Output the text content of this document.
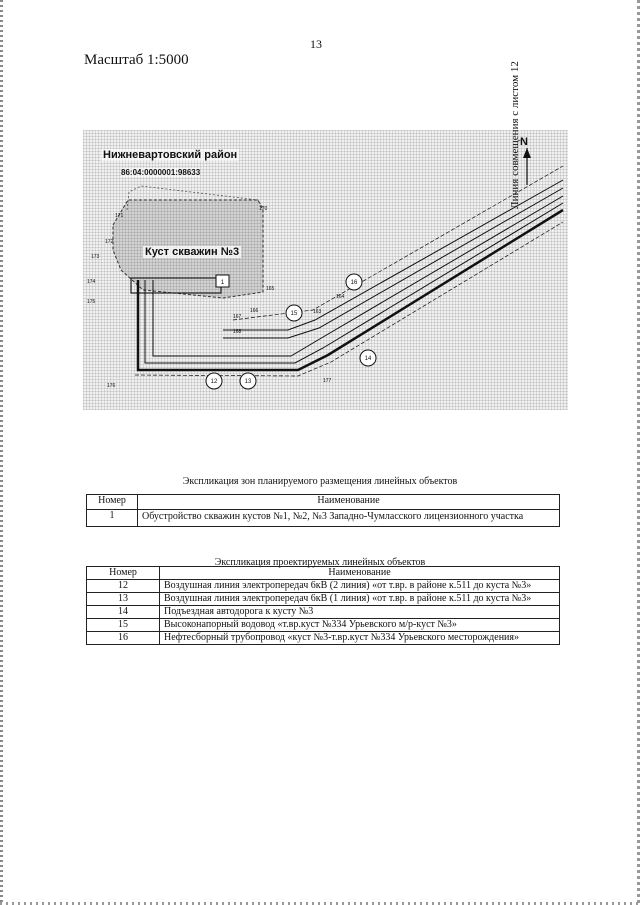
13
Масштаб 1:5000
170
171
172
173
174
175
176
177
163
164
165
166
167
168
1
12	13
14
15
16
Нижневартовский район
86:04:0000001:98633
Куст скважин №3
N
Линия совмещения с листом 12
Экспликация зон планируемого размещения линейных объектов
Номер	Наименование
1	Обустройство скважин кустов №1, №2, №3 Западно-Чумласского лицензионного участка
Экспликация проектируемых линейных объектов
Номер	Наименование
12	Воздушная линия электропередач 6кВ (2 линия) «от т.вр. в районе к.511 до куста №3»
13	Воздушная линия электропередач 6кВ (1 линия) «от т.вр. в районе к.511 до куста №3»
14	Подъездная автодорога к кусту №3
15	Высоконапорный водовод «т.вр.куст №334 Урьевского м/р-куст №3»
16	Нефтесборный трубопровод «куст №3-т.вр.куст №334 Урьевского месторождения»
